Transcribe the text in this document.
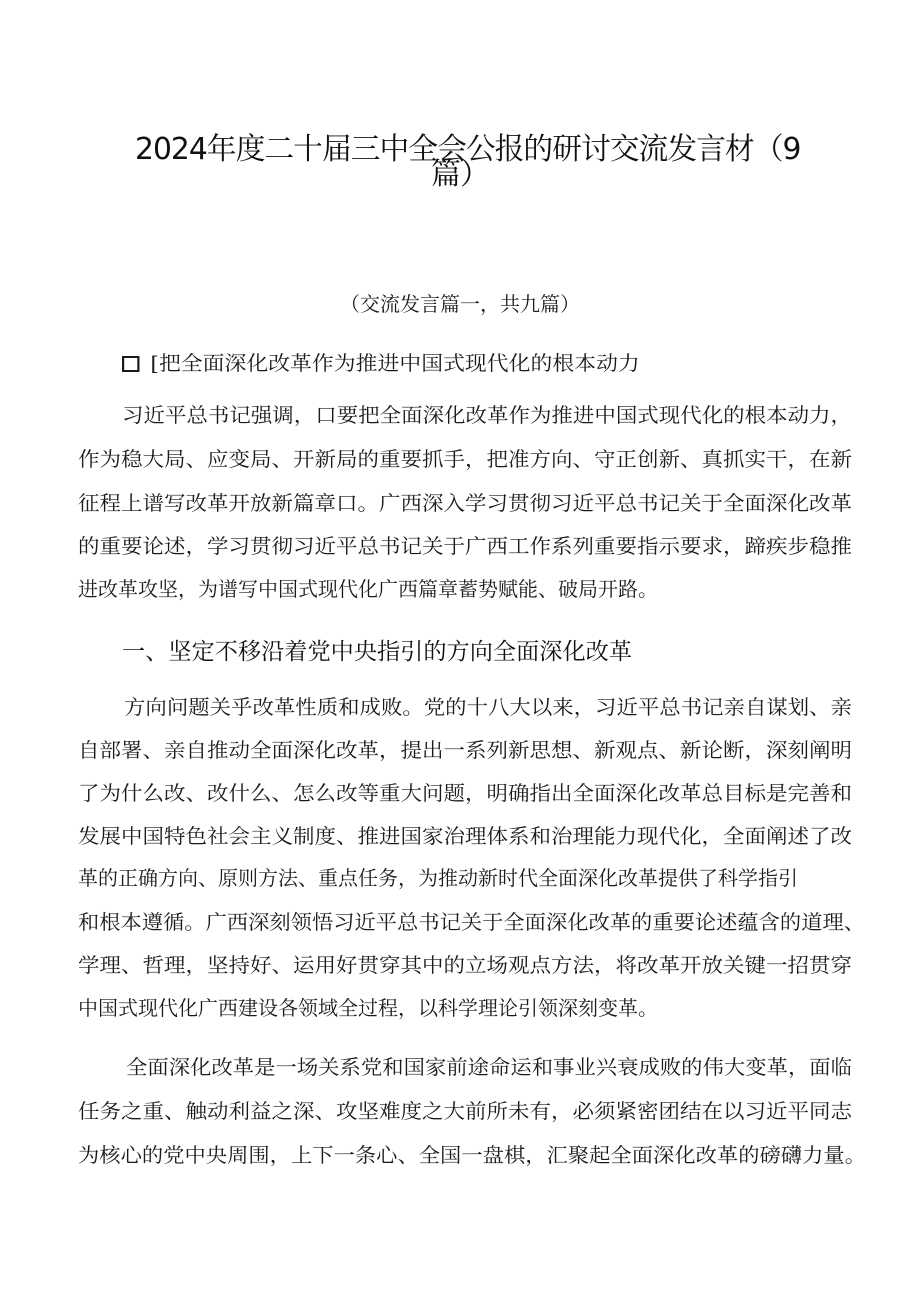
2024年度二十届三中全会公报的研讨交流发言材（9
篇）
（交流发言篇一，共九篇）
[把全面深化改革作为推进中国式现代化的根本动力
习近平总书记强调，口要把全面深化改革作为推进中国式现代化的根本动力，
作为稳大局、应变局、开新局的重要抓手，把准方向、守正创新、真抓实干，在新
征程上谱写改革开放新篇章口。广西深入学习贯彻习近平总书记关于全面深化改革
的重要论述，学习贯彻习近平总书记关于广西工作系列重要指示要求，蹄疾步稳推
进改革攻坚，为谱写中国式现代化广西篇章蓄势赋能、破局开路。
一、坚定不移沿着党中央指引的方向全面深化改革
方向问题关乎改革性质和成败。党的十八大以来，习近平总书记亲自谋划、亲
自部署、亲自推动全面深化改革，提出一系列新思想、新观点、新论断，深刻阐明
了为什么改、改什么、怎么改等重大问题，明确指出全面深化改革总目标是完善和
发展中国特色社会主义制度、推进国家治理体系和治理能力现代化，全面阐述了改
革的正确方向、原则方法、重点任务，为推动新时代全面深化改革提供了科学指引
和根本遵循。广西深刻领悟习近平总书记关于全面深化改革的重要论述蕴含的道理、
学理、哲理，坚持好、运用好贯穿其中的立场观点方法，将改革开放关键一招贯穿
中国式现代化广西建设各领域全过程，以科学理论引领深刻变革。
全面深化改革是一场关系党和国家前途命运和事业兴衰成败的伟大变革，面临
任务之重、触动利益之深、攻坚难度之大前所未有，必须紧密团结在以习近平同志
为核心的党中央周围，上下一条心、全国一盘棋，汇聚起全面深化改革的磅礴力量。
